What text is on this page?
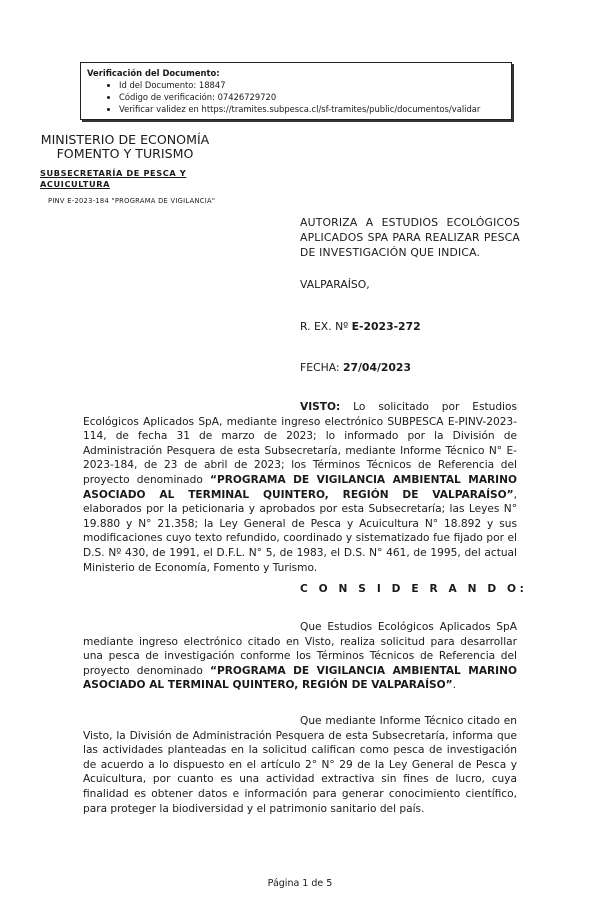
Verificación del Documento:
• Id del Documento: 18847
• Código de verificación: 07426729720
• Verificar validez en https://tramites.subpesca.cl/sf-tramites/public/documentos/validar
MINISTERIO DE ECONOMÍA
FOMENTO Y TURISMO
SUBSECRETARÍA DE PESCA Y ACUICULTURA
PINV E-2023-184 "PROGRAMA DE VIGILANCIA"
AUTORIZA A ESTUDIOS ECOLÓGICOS APLICADOS SPA PARA REALIZAR PESCA DE INVESTIGACIÓN QUE INDICA.
VALPARAÍSO,
R. EX. Nº E-2023-272
FECHA: 27/04/2023
VISTO: Lo solicitado por Estudios Ecológicos Aplicados SpA, mediante ingreso electrónico SUBPESCA E-PINV-2023-114, de fecha 31 de marzo de 2023; lo informado por la División de Administración Pesquera de esta Subsecretaría, mediante Informe Técnico N° E-2023-184, de 23 de abril de 2023; los Términos Técnicos de Referencia del proyecto denominado “PROGRAMA DE VIGILANCIA AMBIENTAL MARINO ASOCIADO AL TERMINAL QUINTERO, REGIÓN DE VALPARAÍSO”, elaborados por la peticionaria y aprobados por esta Subsecretaría; las Leyes N° 19.880 y N° 21.358; la Ley General de Pesca y Acuicultura N° 18.892 y sus modificaciones cuyo texto refundido, coordinado y sistematizado fue fijado por el D.S. Nº 430, de 1991, el D.F.L. N° 5, de 1983, el D.S. N° 461, de 1995, del actual Ministerio de Economía, Fomento y Turismo.
C O N S I D E R A N D O:
Que Estudios Ecológicos Aplicados SpA mediante ingreso electrónico citado en Visto, realiza solicitud para desarrollar una pesca de investigación conforme los Términos Técnicos de Referencia del proyecto denominado “PROGRAMA DE VIGILANCIA AMBIENTAL MARINO ASOCIADO AL TERMINAL QUINTERO, REGIÓN DE VALPARAÍSO”.
Que mediante Informe Técnico citado en Visto, la División de Administración Pesquera de esta Subsecretaría, informa que las actividades planteadas en la solicitud califican como pesca de investigación de acuerdo a lo dispuesto en el artículo 2° N° 29 de la Ley General de Pesca y Acuicultura, por cuanto es una actividad extractiva sin fines de lucro, cuya finalidad es obtener datos e información para generar conocimiento científico, para proteger la biodiversidad y el patrimonio sanitario del país.
Página 1 de 5
